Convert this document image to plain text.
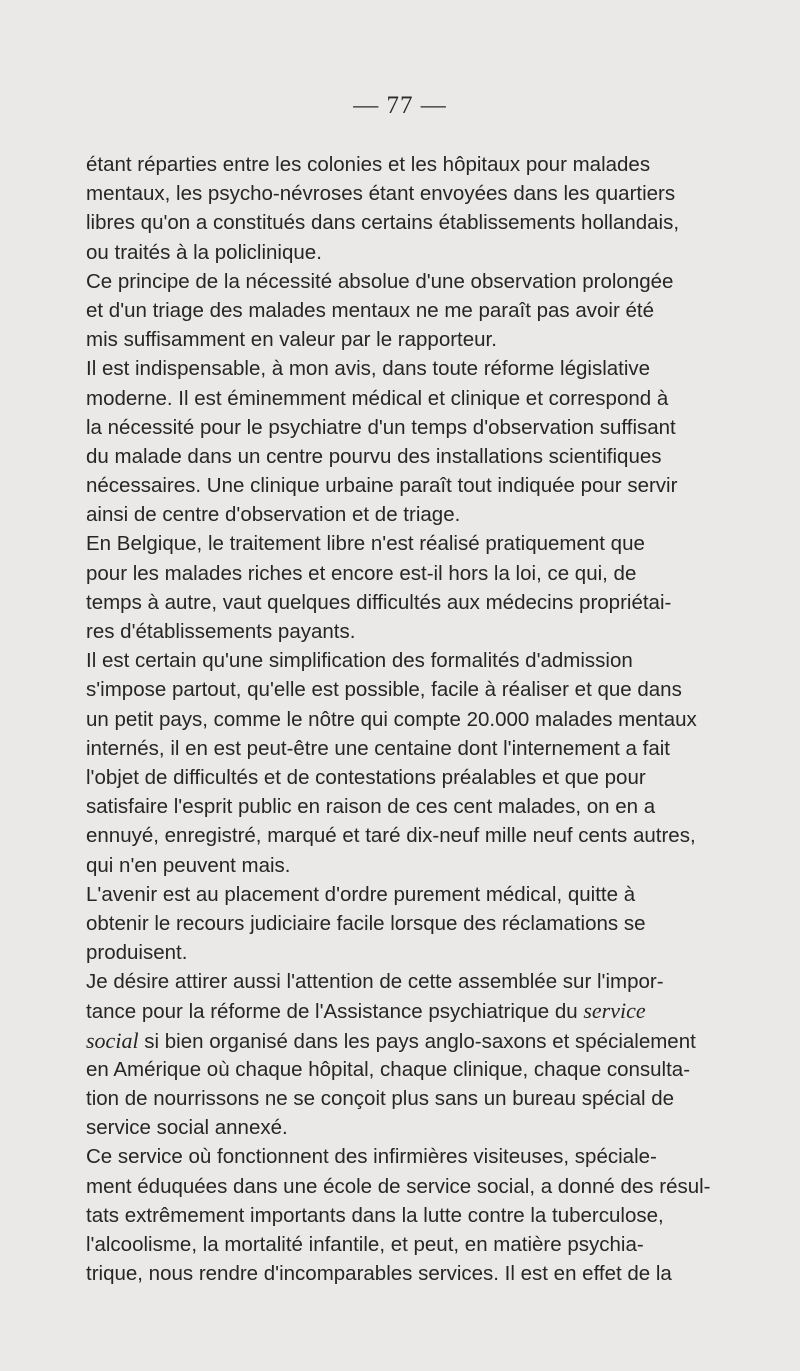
— 77 —
étant réparties entre les colonies et les hôpitaux pour malades
mentaux, les psycho-névroses étant envoyées dans les quartiers
libres qu'on a constitués dans certains établissements hollandais,
ou traités à la policlinique.
Ce principe de la nécessité absolue d'une observation prolongée
et d'un triage des malades mentaux ne me paraît pas avoir été
mis suffisamment en valeur par le rapporteur.
Il est indispensable, à mon avis, dans toute réforme législative
moderne. Il est éminemment médical et clinique et correspond à
la nécessité pour le psychiatre d'un temps d'observation suffisant
du malade dans un centre pourvu des installations scientifiques
nécessaires. Une clinique urbaine paraît tout indiquée pour servir
ainsi de centre d'observation et de triage.
En Belgique, le traitement libre n'est réalisé pratiquement que
pour les malades riches et encore est-il hors la loi, ce qui, de
temps à autre, vaut quelques difficultés aux médecins propriétai-
res d'établissements payants.
Il est certain qu'une simplification des formalités d'admission
s'impose partout, qu'elle est possible, facile à réaliser et que dans
un petit pays, comme le nôtre qui compte 20.000 malades mentaux
internés, il en est peut-être une centaine dont l'internement a fait
l'objet de difficultés et de contestations préalables et que pour
satisfaire l'esprit public en raison de ces cent malades, on en a
ennuyé, enregistré, marqué et taré dix-neuf mille neuf cents autres,
qui n'en peuvent mais.
L'avenir est au placement d'ordre purement médical, quitte à
obtenir le recours judiciaire facile lorsque des réclamations se
produisent.
Je désire attirer aussi l'attention de cette assemblée sur l'impor-
tance pour la réforme de l'Assistance psychiatrique du service
social si bien organisé dans les pays anglo-saxons et spécialement
en Amérique où chaque hôpital, chaque clinique, chaque consulta-
tion de nourrissons ne se conçoit plus sans un bureau spécial de
service social annexé.
Ce service où fonctionnent des infirmières visiteuses, spéciale-
ment éduquées dans une école de service social, a donné des résul-
tats extrêmement importants dans la lutte contre la tuberculose,
l'alcoolisme, la mortalité infantile, et peut, en matière psychia-
trique, nous rendre d'incomparables services. Il est en effet de la
